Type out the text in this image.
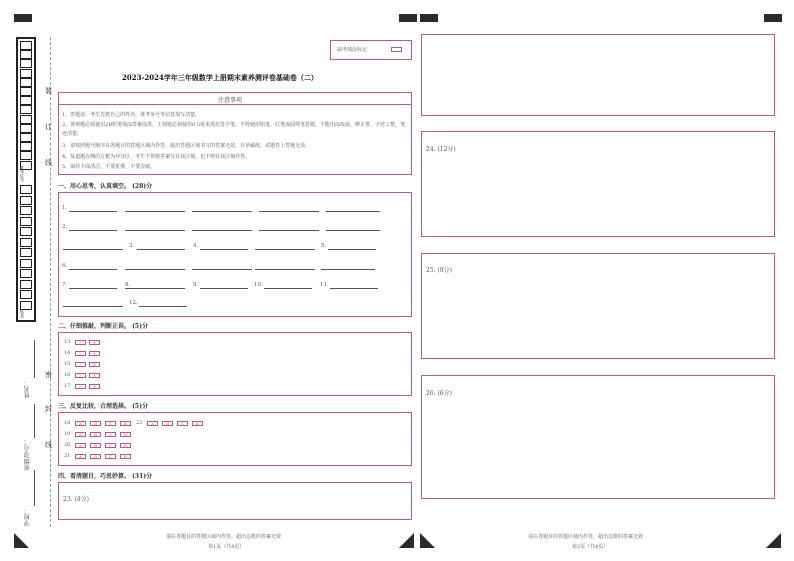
准考证号
贴条
装
订
线
密
封
线
姓名：
班级/学号：
学校：
缺考填涂标记
2023-2024学年三年级数学上册期末素养测评卷基础卷（二）
注意事项
1、答题前，考生先将自己的姓名、准考证号等信息填写清楚。
2、客观题必须使用2B铅笔填涂答案涂黑，主观题必须使用0.5毫米黑色签字笔，不得使用铅笔，红笔或圆珠笔答题，不能用涂改液、修正带、字迹工整，笔迹清楚。
3、请按照题号顺序在各题目的答题区域内作答，超出答题区域书写的答案无效，在草稿纸、试题卷上答题无效。
4、每道题在侧的方框为评分区，考生不得将答案写在该区域，也不得在该区域作答。
5、保持卡面清洁，不要折叠，不要弄破。
一、用心思考，认真填空。 (28)分
1.
2.
3.	4.	5.
6.
7.	9.	10.	11.
12.
8.
二、仔细推敲，判断正误。 (5)分
13	✓	✕
14	✓	✕
15	✓	✕
16	✓	✕
17	✓	✕
三、反复比较，合理选择。 (5)分
18	A	B	C	D
19	A	B	C	D
20	A	B	C	D
21	A	B	C	D
22	A	B	C	D
四、看清题目，巧思妙算。 (31)分
23. (4分)
请在各题目的答题区域内作答，超出边框的答案无效
第1页（共4页）
24. (12分)
25. (9分)
26. (6分)
请在各题目的答题区域内作答，超出边框的答案无效
第2页（共4页）
